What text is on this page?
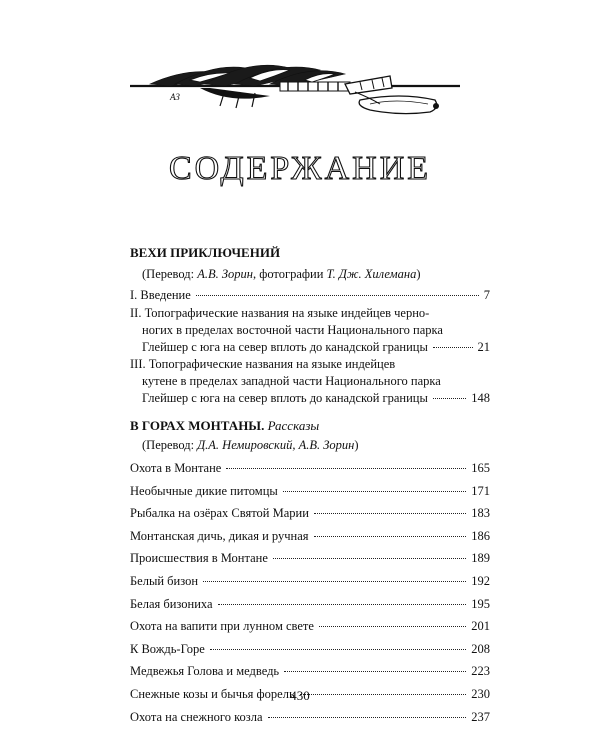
АЗ
СОДЕРЖАНИЕ
ВЕХИ ПРИКЛЮЧЕНИЙ
(Перевод: А.В. Зорин, фотографии Т. Дж. Хилемана)
I. Введение	7
II. Топографические названия на языке индейцев черно-
ногих в пределах восточной части Национального парка
Глейшер с юга на север вплоть до канадской границы	21
III. Топографические названия на языке индейцев
кутене в пределах западной части Национального парка
Глейшер с юга на север вплоть до канадской границы	148
В ГОРАХ МОНТАНЫ. Рассказы
(Перевод: Д.А. Немировский, А.В. Зорин)
Охота в Монтане	165
Необычные дикие питомцы	171
Рыбалка на озёрах Святой Марии	183
Монтанская дичь, дикая и ручная	186
Происшествия в Монтане	189
Белый бизон	192
Белая бизониха	195
Охота на вапити при лунном свете	201
К Вождь-Горе	208
Медвежья Голова и медведь	223
Снежные козы и бычья форель	230
Охота на снежного козла	237
430
